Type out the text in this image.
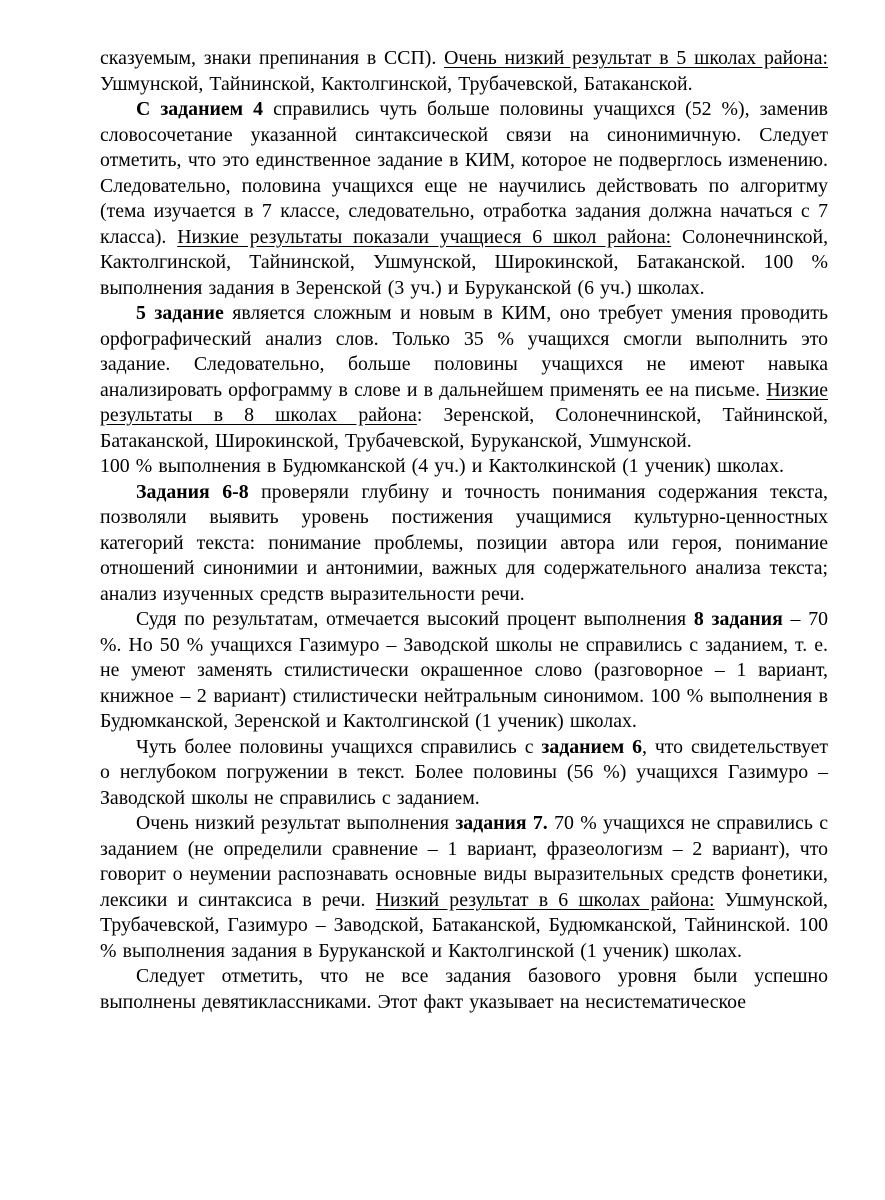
сказуемым, знаки препинания в ССП). Очень низкий результат в 5 школах района: Ушмунской, Тайнинской, Кактолгинской, Трубачевской, Батаканской.

С заданием 4 справились чуть больше половины учащихся (52 %), заменив словосочетание указанной синтаксической связи на синонимичную. Следует отметить, что это единственное задание в КИМ, которое не подверглось изменению. Следовательно, половина учащихся еще не научились действовать по алгоритму (тема изучается в 7 классе, следовательно, отработка задания должна начаться с 7 класса). Низкие результаты показали учащиеся 6 школ района: Солонечнинской, Кактолгинской, Тайнинской, Ушмунской, Широкинской, Батаканской. 100 % выполнения задания в Зеренской (3 уч.) и Буруканской (6 уч.) школах.

5 задание является сложным и новым в КИМ, оно требует умения проводить орфографический анализ слов. Только 35 % учащихся смогли выполнить это задание. Следовательно, больше половины учащихся не имеют навыка анализировать орфограмму в слове и в дальнейшем применять ее на письме. Низкие результаты в 8 школах района: Зеренской, Солонечнинской, Тайнинской, Батаканской, Широкинской, Трубачевской, Буруканской, Ушмунской.

100 % выполнения в Будюмканской (4 уч.) и Кактолкинской (1 ученик) школах.

Задания 6-8 проверяли глубину и точность понимания содержания текста, позволяли выявить уровень постижения учащимися культурно-ценностных категорий текста: понимание проблемы, позиции автора или героя, понимание отношений синонимии и антонимии, важных для содержательного анализа текста; анализ изученных средств выразительности речи.

Судя по результатам, отмечается высокий процент выполнения 8 задания – 70 %. Но 50 % учащихся Газимуро – Заводской школы не справились с заданием, т. е. не умеют заменять стилистически окрашенное слово (разговорное – 1 вариант, книжное – 2 вариант) стилистически нейтральным синонимом. 100 % выполнения в Будюмканской, Зеренской и Кактолгинской (1 ученик) школах.

Чуть более половины учащихся справились с заданием 6, что свидетельствует о неглубоком погружении в текст. Более половины (56 %) учащихся Газимуро – Заводской школы не справились с заданием.

Очень низкий результат выполнения задания 7. 70 % учащихся не справились с заданием (не определили сравнение – 1 вариант, фразеологизм – 2 вариант), что говорит о неумении распознавать основные виды выразительных средств фонетики, лексики и синтаксиса в речи. Низкий результат в 6 школах района: Ушмунской, Трубачевской, Газимуро – Заводской, Батаканской, Будюмканской, Тайнинской. 100 % выполнения задания в Буруканской и Кактолгинской (1 ученик) школах.

Следует отметить, что не все задания базового уровня были успешно выполнены девятиклассниками. Этот факт указывает на несистематическое
